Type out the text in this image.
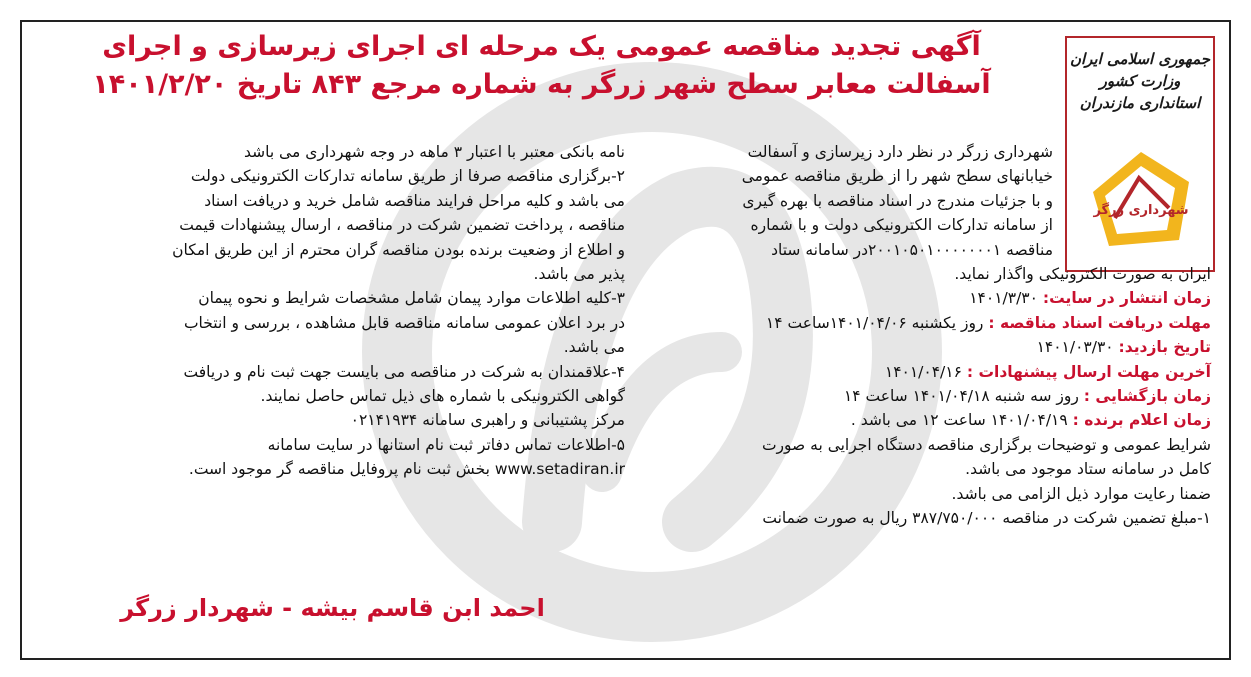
آگهی تجدید مناقصه عمومی یک مرحله ای اجرای زیرسازی و اجرای
آسفالت معابر سطح شهر زرگر به شماره مرجع ۸۴۳ تاریخ ۱۴۰۱/۲/۲۰
جمهوری اسلامی ایران
وزارت کشور
استانداری مازندران
شهرداری زرگر

شهرداری زرگر در نظر دارد زیرسازی و آسفالت

خیابانهای سطح شهر را از طریق مناقصه عمومی

و با جزئیات مندرج در اسناد مناقصه با بهره گیری

از سامانه تدارکات الکترونیکی دولت و با شماره

مناقصه ۲۰۰۱۰۵۰۱۰۰۰۰۰۰۰۱در سامانه ستاد

ایران به صورت الکترونیکی واگذار نماید.

زمان انتشار در سایت: ۱۴۰۱/۳/۳۰

مهلت دریافت اسناد مناقصه : روز یکشنبه ۱۴۰۱/۰۴/۰۶ساعت ۱۴

تاریخ بازدید: ۱۴۰۱/۰۳/۳۰

آخرین مهلت ارسال پیشنهادات : ۱۴۰۱/۰۴/۱۶

زمان بازگشایی : روز سه شنبه ۱۴۰۱/۰۴/۱۸ ساعت ۱۴

زمان اعلام برنده : ۱۴۰۱/۰۴/۱۹ ساعت ۱۲ می باشد .

شرایط عمومی و توضیحات برگزاری مناقصه دستگاه اجرایی به صورت

کامل در سامانه ستاد موجود می باشد.

ضمنا رعایت موارد ذیل الزامی می باشد.

۱-مبلغ تضمین شرکت در مناقصه ۳۸۷/۷۵۰/۰۰۰ ریال به صورت ضمانت

نامه بانکی معتبر با اعتبار ۳ ماهه در وجه شهرداری می باشد

۲-برگزاری مناقصه صرفا از طریق سامانه تدارکات الکترونیکی دولت

می باشد و کلیه مراحل فرایند مناقصه شامل خرید و دریافت اسناد

مناقصه ، پرداخت تضمین شرکت در مناقصه ، ارسال پیشنهادات قیمت

و اطلاع از وضعیت برنده بودن مناقصه گران محترم از این طریق امکان

پذیر می باشد.

۳-کلیه اطلاعات موارد پیمان شامل مشخصات شرایط و نحوه پیمان

در برد اعلان عمومی سامانه مناقصه قابل مشاهده ، بررسی و انتخاب

می باشد.

۴-علاقمندان به شرکت در مناقصه می بایست جهت ثبت نام و دریافت

گواهی الکترونیکی با شماره های ذیل تماس حاصل نمایند.

مرکز پشتیبانی و راهبری سامانه ۰۲۱۴۱۹۳۴

۵-اطلاعات تماس دفاتر ثبت نام استانها در سایت سامانه

www.setadiran.ir بخش ثبت نام پروفایل مناقصه گر موجود است.

احمد ابن قاسم بیشه - شهردار زرگر
